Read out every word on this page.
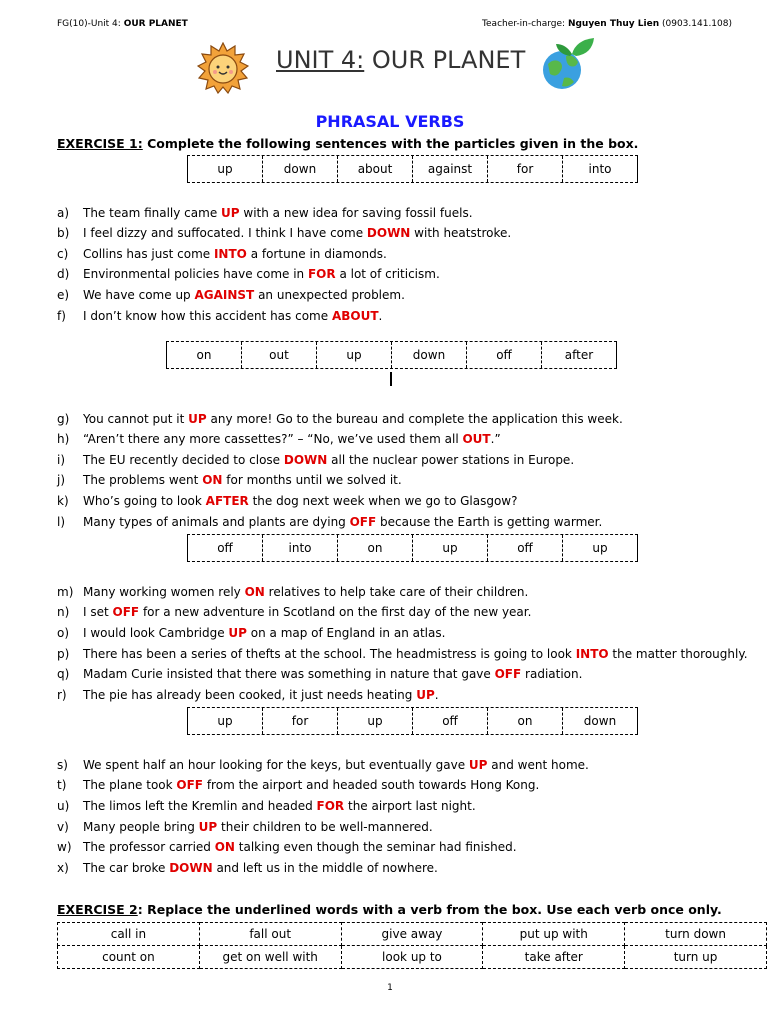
FG(10)-Unit 4: OUR PLANET	Teacher-in-charge: Nguyen Thuy Lien (0903.141.108)
UNIT 4: OUR PLANET
PHRASAL VERBS
EXERCISE 1: Complete the following sentences with the particles given in the box.
up	down	about	against	for	into
a)	The team finally came UP with a new idea for saving fossil fuels.
b)	I feel dizzy and suffocated. I think I have come DOWN with heatstroke.
c)	Collins has just come INTO a fortune in diamonds.
d)	Environmental policies have come in FOR a lot of criticism.
e)	We have come up AGAINST an unexpected problem.
f)	I don’t know how this accident has come ABOUT.
on	out	up	down	off	after
g)	You cannot put it UP any more! Go to the bureau and complete the application this week.
h)	“Aren’t there any more cassettes?” – “No, we’ve used them all OUT.”
i)	The EU recently decided to close DOWN all the nuclear power stations in Europe.
j)	The problems went ON for months until we solved it.
k)	Who’s going to look AFTER the dog next week when we go to Glasgow?
l)	Many types of animals and plants are dying OFF because the Earth is getting warmer.
off	into	on	up	off	up
m) Many working women rely ON relatives to help take care of their children.
n)	I set OFF for a new adventure in Scotland on the first day of the new year.
o)	I would look Cambridge UP on a map of England in an atlas.
p)	There has been a series of thefts at the school. The headmistress is going to look INTO the matter thoroughly.
q)	Madam Curie insisted that there was something in nature that gave OFF radiation.
r)	The pie has already been cooked, it just needs heating UP.
up	for	up	off	on	down
s)	We spent half an hour looking for the keys, but eventually gave UP and went home.
t)	The plane took OFF from the airport and headed south towards Hong Kong.
u)	The limos left the Kremlin and headed FOR the airport last night.
v)	Many people bring UP their children to be well-mannered.
w) The professor carried ON talking even though the seminar had finished.
x)	The car broke DOWN and left us in the middle of nowhere.
EXERCISE 2: Replace the underlined words with a verb from the box. Use each verb once only.
call in	fall out	give away	put up with	turn down
count on	get on well with	look up to	take after	turn up
1
